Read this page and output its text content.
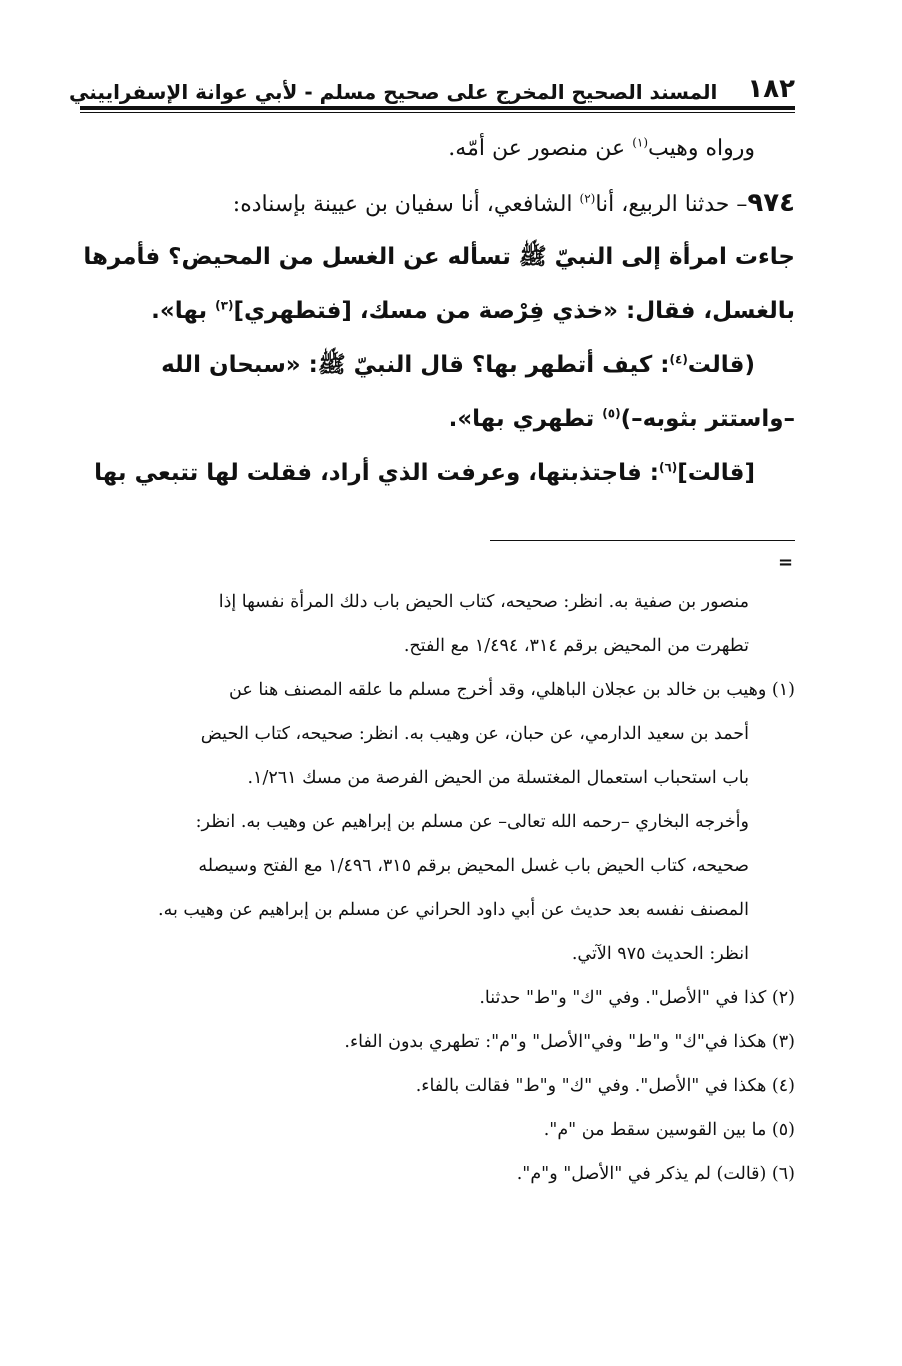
١٨٢
المسند الصحيح المخرج على صحيح مسلم - لأبي عوانة الإسفراييني
ورواه وهيب$^{(١)}$ عن منصور عن أمّه.
٩٧٤– حدثنا الربيع، أنا$^{(٢)}$ الشافعي، أنا سفيان بن عيينة بإسناده:
جاءت امرأة إلى النبيّ ﷺ تسأله عن الغسل من المحيض؟ فأمرها
بالغسل، فقال: «خذي فِرْصة من مسك، [فتطهري]$^{(٣)}$ بها».
(قالت$^{(٤)}$: كيف أتطهر بها؟ قال النبيّ ﷺ: «سبحان الله
–واستتر بثوبه–)$^{(٥)}$ تطهري بها».
[قالت]$^{(٦)}$: فاجتذبتها، وعرفت الذي أراد، فقلت لها تتبعي بها
=
منصور بن صفية به. انظر: صحيحه، كتاب الحيض باب دلك المرأة نفسها إذا
تطهرت من المحيض برقم ٣١٤، ١/٤٩٤ مع الفتح.
(١) وهيب بن خالد بن عجلان الباهلي، وقد أخرج مسلم ما علقه المصنف هنا عن
أحمد بن سعيد الدارمي، عن حبان، عن وهيب به. انظر: صحيحه، كتاب الحيض
باب استحباب استعمال المغتسلة من الحيض الفرصة من مسك ١/٢٦١.
وأخرجه البخاري –رحمه الله تعالى– عن مسلم بن إبراهيم عن وهيب به. انظر:
صحيحه، كتاب الحيض باب غسل المحيض برقم ٣١٥، ١/٤٩٦ مع الفتح وسيصله
المصنف نفسه بعد حديث عن أبي داود الحراني عن مسلم بن إبراهيم عن وهيب به.
انظر: الحديث ٩٧٥ الآتي.
(٢) كذا في "الأصل". وفي "ك" و"ط" حدثنا.
(٣) هكذا في"ك" و"ط" وفي"الأصل" و"م": تطهري بدون الفاء.
(٤) هكذا في "الأصل". وفي "ك" و"ط" فقالت بالفاء.
(٥) ما بين القوسين سقط من "م".
(٦) (قالت) لم يذكر في "الأصل" و"م".
